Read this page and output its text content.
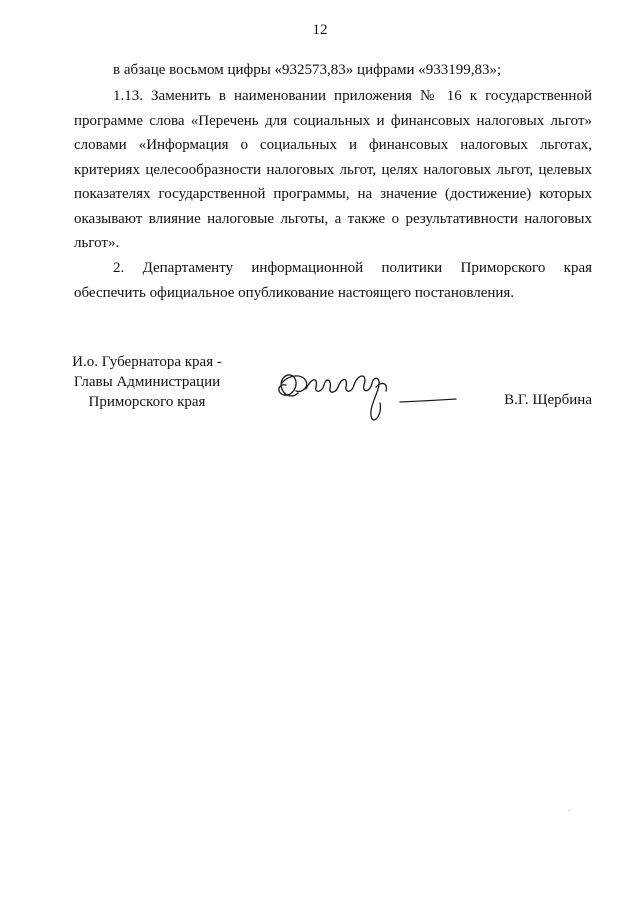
12

в абзаце восьмом цифры «932573,83» цифрами «933199,83»;

1.13. Заменить в наименовании приложения № 16 к государственной программе слова «Перечень для социальных и финансовых налоговых льгот» словами «Информация о социальных и финансовых налоговых льготах, критериях целесообразности налоговых льгот, целях налоговых льгот, целевых показателях государственной программы, на значение (достижение) которых оказывают влияние налоговые льготы, а также о результативности налоговых льгот».

2. Департаменту информационной политики Приморского края обеспечить официальное опубликование настоящего постановления.

И.о. Губернатора края -
Главы Администрации
Приморского края	В.Г. Щербина
